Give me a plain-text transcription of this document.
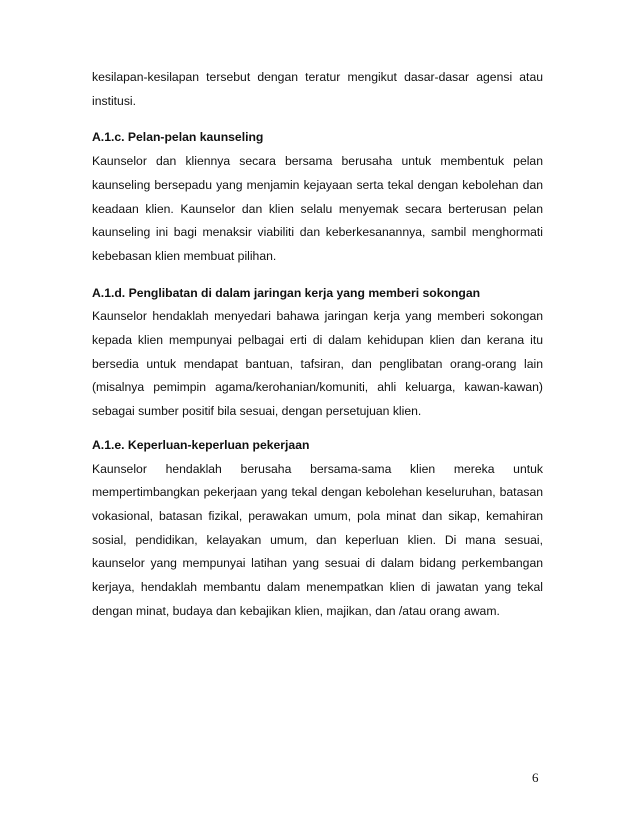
kesilapan-kesilapan tersebut dengan teratur mengikut dasar-dasar agensi atau institusi.

A.1.c. Pelan-pelan kaunseling

Kaunselor dan kliennya secara bersama berusaha untuk membentuk pelan kaunseling bersepadu yang menjamin kejayaan serta tekal dengan kebolehan dan keadaan klien. Kaunselor dan klien selalu menyemak secara berterusan pelan kaunseling ini bagi menaksir viabiliti dan keberkesanannya, sambil menghormati kebebasan klien membuat pilihan.

A.1.d. Penglibatan di dalam jaringan kerja yang memberi sokongan

Kaunselor hendaklah menyedari bahawa jaringan kerja yang memberi sokongan kepada klien mempunyai pelbagai erti di dalam kehidupan klien dan kerana itu bersedia untuk mendapat bantuan, tafsiran, dan penglibatan orang-orang lain (misalnya pemimpin agama/kerohanian/komuniti, ahli keluarga, kawan-kawan) sebagai sumber positif bila sesuai, dengan persetujuan klien.

A.1.e. Keperluan-keperluan pekerjaan

Kaunselor hendaklah berusaha bersama-sama klien mereka untuk mempertimbangkan pekerjaan yang tekal dengan kebolehan keseluruhan, batasan vokasional, batasan fizikal, perawakan umum, pola minat dan sikap, kemahiran sosial, pendidikan, kelayakan umum, dan keperluan klien. Di mana sesuai, kaunselor yang mempunyai latihan yang sesuai di dalam bidang perkembangan kerjaya, hendaklah membantu dalam menempatkan klien di jawatan yang tekal dengan minat, budaya dan kebajikan klien, majikan, dan /atau orang awam.

6
